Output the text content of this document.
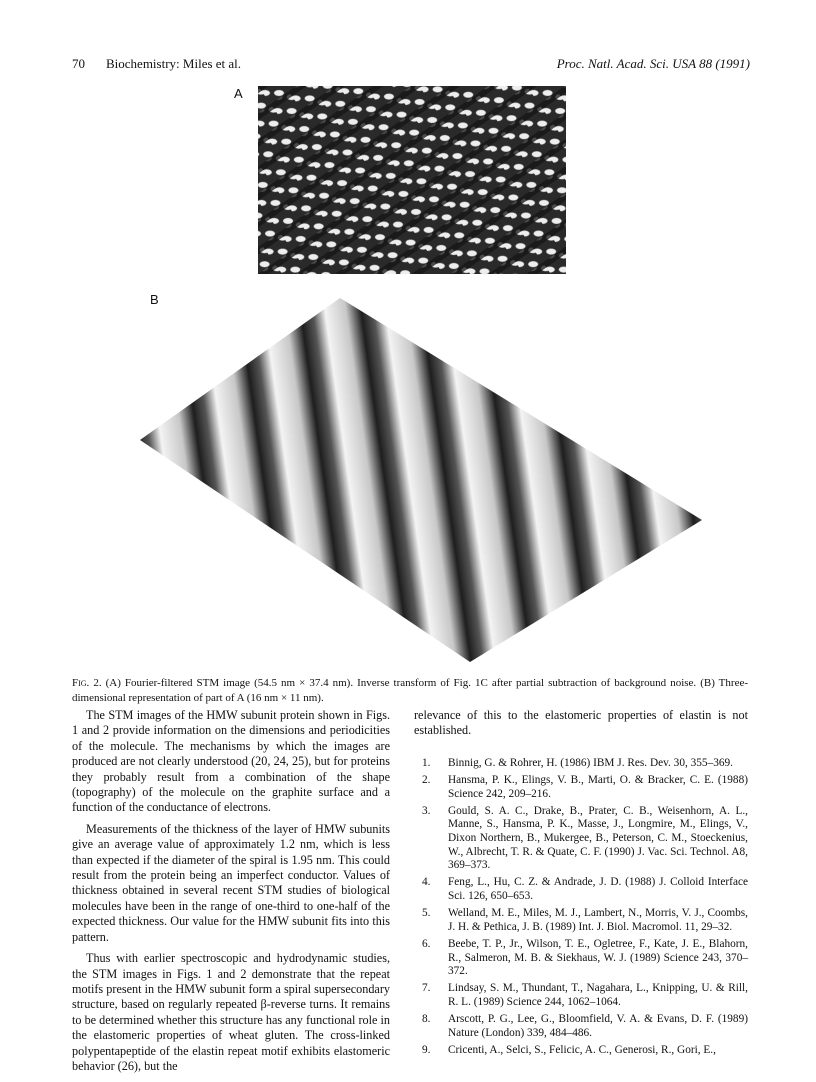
70 Biochemistry: Miles et al.	Proc. Natl. Acad. Sci. USA 88 (1991)
A
B
Fig. 2. (A) Fourier-filtered STM image (54.5 nm × 37.4 nm). Inverse transform of Fig. 1C after partial subtraction of background noise. (B) Three-dimensional representation of part of A (16 nm × 11 nm).

The STM images of the HMW subunit protein shown in Figs. 1 and 2 provide information on the dimensions and periodicities of the molecule. The mechanisms by which the images are produced are not clearly understood (20, 24, 25), but for proteins they probably result from a combination of the shape (topography) of the molecule on the graphite surface and a function of the conductance of electrons.

Measurements of the thickness of the layer of HMW subunits give an average value of approximately 1.2 nm, which is less than expected if the diameter of the spiral is 1.95 nm. This could result from the protein being an imperfect conductor. Values of thickness obtained in several recent STM studies of biological molecules have been in the range of one-third to one-half of the expected thickness. Our value for the HMW subunit fits into this pattern.

Thus with earlier spectroscopic and hydrodynamic studies, the STM images in Figs. 1 and 2 demonstrate that the repeat motifs present in the HMW subunit form a spiral supersecondary structure, based on regularly repeated β-reverse turns. It remains to be determined whether this structure has any functional role in the elastomeric properties of wheat gluten. The cross-linked polypentapeptide of the elastin repeat motif exhibits elastomeric behavior (26), but the

relevance of this to the elastomeric properties of elastin is not established.

1. Binnig, G. & Rohrer, H. (1986) IBM J. Res. Dev. 30, 355–369.
2. Hansma, P. K., Elings, V. B., Marti, O. & Bracker, C. E. (1988) Science 242, 209–216.
3. Gould, S. A. C., Drake, B., Prater, C. B., Weisenhorn, A. L., Manne, S., Hansma, P. K., Masse, J., Longmire, M., Elings, V., Dixon Northern, B., Mukergee, B., Peterson, C. M., Stoeckenius, W., Albrecht, T. R. & Quate, C. F. (1990) J. Vac. Sci. Technol. A8, 369–373.
4. Feng, L., Hu, C. Z. & Andrade, J. D. (1988) J. Colloid Interface Sci. 126, 650–653.
5. Welland, M. E., Miles, M. J., Lambert, N., Morris, V. J., Coombs, J. H. & Pethica, J. B. (1989) Int. J. Biol. Macromol. 11, 29–32.
6. Beebe, T. P., Jr., Wilson, T. E., Ogletree, F., Kate, J. E., Blahorn, R., Salmeron, M. B. & Siekhaus, W. J. (1989) Science 243, 370–372.
7. Lindsay, S. M., Thundant, T., Nagahara, L., Knipping, U. & Rill, R. L. (1989) Science 244, 1062–1064.
8. Arscott, P. G., Lee, G., Bloomfield, V. A. & Evans, D. F. (1989) Nature (London) 339, 484–486.
9. Cricenti, A., Selci, S., Felicic, A. C., Generosi, R., Gori, E.,
